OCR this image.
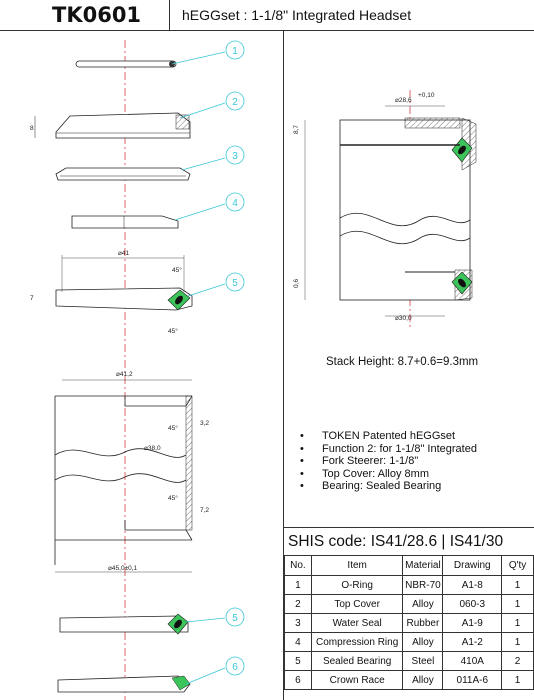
TK0601	hEGGset : 1-1/8" Integrated Headset
1
2
3
4
5
5
6
8
⌀41
7
45°
45°
⌀41,2
45°
3,2
⌀38,0
45°
7,2
⌀45,0±0,1
⌀28,6
+0,10
8,7
0,6
⌀30,0
Stack Height: 8.7+0.6=9.3mm
• TOKEN Patented hEGGset
• Function 2: for 1-1/8" Integrated
• Fork Steerer: 1-1/8"
• Top Cover: Alloy 8mm
• Bearing: Sealed Bearing
SHIS code: IS41/28.6 | IS41/30
No.	Item	Material	Drawing	Q'ty
1	O-Ring	NBR-70	A1-8	1
2	Top Cover	Alloy	060-3	1
3	Water Seal	Rubber	A1-9	1
4	Compression Ring	Alloy	A1-2	1
5	Sealed Bearing	Steel	410A	2
6	Crown Race	Alloy	011A-6	1
